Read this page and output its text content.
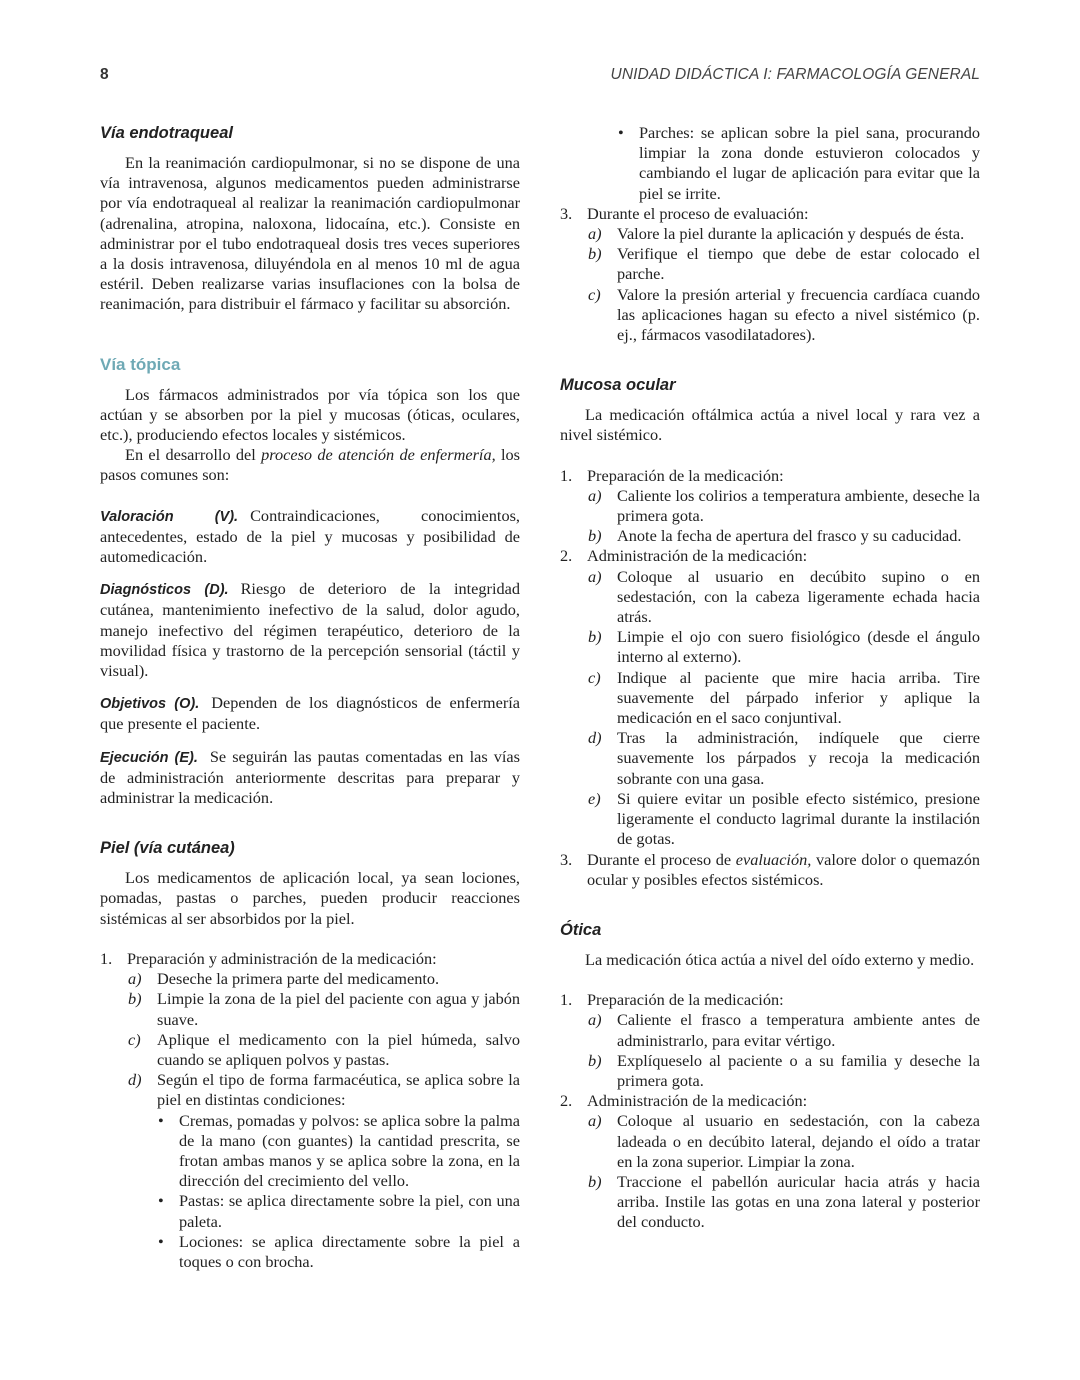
8	UNIDAD DIDÁCTICA I: FARMACOLOGÍA GENERAL
Vía endotraqueal

En la reanimación cardiopulmonar, si no se dispone de una vía intravenosa, algunos medicamentos pueden administrarse por vía endotraqueal al realizar la reanimación cardiopulmonar (adrenalina, atropina, naloxona, lidocaína, etc.). Consiste en administrar por el tubo endotraqueal dosis tres veces superiores a la dosis intravenosa, diluyéndola en al menos 10 ml de agua estéril. Deben realizarse varias insuflaciones con la bolsa de reanimación, para distribuir el fármaco y facilitar su absorción.

Vía tópica

Los fármacos administrados por vía tópica son los que actúan y se absorben por la piel y mucosas (óticas, oculares, etc.), produciendo efectos locales y sistémicos.

En el desarrollo del proceso de atención de enfermería, los pasos comunes son:

Valoración (V). Contraindicaciones, conocimientos, antecedentes, estado de la piel y mucosas y posibilidad de automedicación.

Diagnósticos (D). Riesgo de deterioro de la integridad cutánea, mantenimiento inefectivo de la salud, dolor agudo, manejo inefectivo del régimen terapéutico, deterioro de la movilidad física y trastorno de la percepción sensorial (táctil y visual).

Objetivos (O). Dependen de los diagnósticos de enfermería que presente el paciente.

Ejecución (E). Se seguirán las pautas comentadas en las vías de administración anteriormente descritas para preparar y administrar la medicación.

Piel (vía cutánea)

Los medicamentos de aplicación local, ya sean lociones, pomadas, pastas o parches, pueden producir reacciones sistémicas al ser absorbidos por la piel.

1. Preparación y administración de la medicación:
a) Deseche la primera parte del medicamento.
b) Limpie la zona de la piel del paciente con agua y jabón suave.
c) Aplique el medicamento con la piel húmeda, salvo cuando se apliquen polvos y pastas.
d) Según el tipo de forma farmacéutica, se aplica sobre la piel en distintas condiciones:
• Cremas, pomadas y polvos: se aplica sobre la palma de la mano (con guantes) la cantidad prescrita, se frotan ambas manos y se aplica sobre la zona, en la dirección del crecimiento del vello.
• Pastas: se aplica directamente sobre la piel, con una paleta.
• Lociones: se aplica directamente sobre la piel a toques o con brocha.
• Parches: se aplican sobre la piel sana, procurando limpiar la zona donde estuvieron colocados y cambiando el lugar de aplicación para evitar que la piel se irrite.
3. Durante el proceso de evaluación:
a) Valore la piel durante la aplicación y después de ésta.
b) Verifique el tiempo que debe de estar colocado el parche.
c) Valore la presión arterial y frecuencia cardíaca cuando las aplicaciones hagan su efecto a nivel sistémico (p. ej., fármacos vasodilatadores).
Mucosa ocular

La medicación oftálmica actúa a nivel local y rara vez a nivel sistémico.

1. Preparación de la medicación:
a) Caliente los colirios a temperatura ambiente, deseche la primera gota.
b) Anote la fecha de apertura del frasco y su caducidad.
2. Administración de la medicación:
a) Coloque al usuario en decúbito supino o en sedestación, con la cabeza ligeramente echada hacia atrás.
b) Limpie el ojo con suero fisiológico (desde el ángulo interno al externo).
c) Indique al paciente que mire hacia arriba. Tire suavemente del párpado inferior y aplique la medicación en el saco conjuntival.
d) Tras la administración, indíquele que cierre suavemente los párpados y recoja la medicación sobrante con una gasa.
e) Si quiere evitar un posible efecto sistémico, presione ligeramente el conducto lagrimal durante la instilación de gotas.
3. Durante el proceso de evaluación, valore dolor o quemazón ocular y posibles efectos sistémicos.
Ótica

La medicación ótica actúa a nivel del oído externo y medio.

1. Preparación de la medicación:
a) Caliente el frasco a temperatura ambiente antes de administrarlo, para evitar vértigo.
b) Explíqueselo al paciente o a su familia y deseche la primera gota.
2. Administración de la medicación:
a) Coloque al usuario en sedestación, con la cabeza ladeada o en decúbito lateral, dejando el oído a tratar en la zona superior. Limpiar la zona.
b) Traccione el pabellón auricular hacia atrás y hacia arriba. Instile las gotas en una zona lateral y posterior del conducto.
